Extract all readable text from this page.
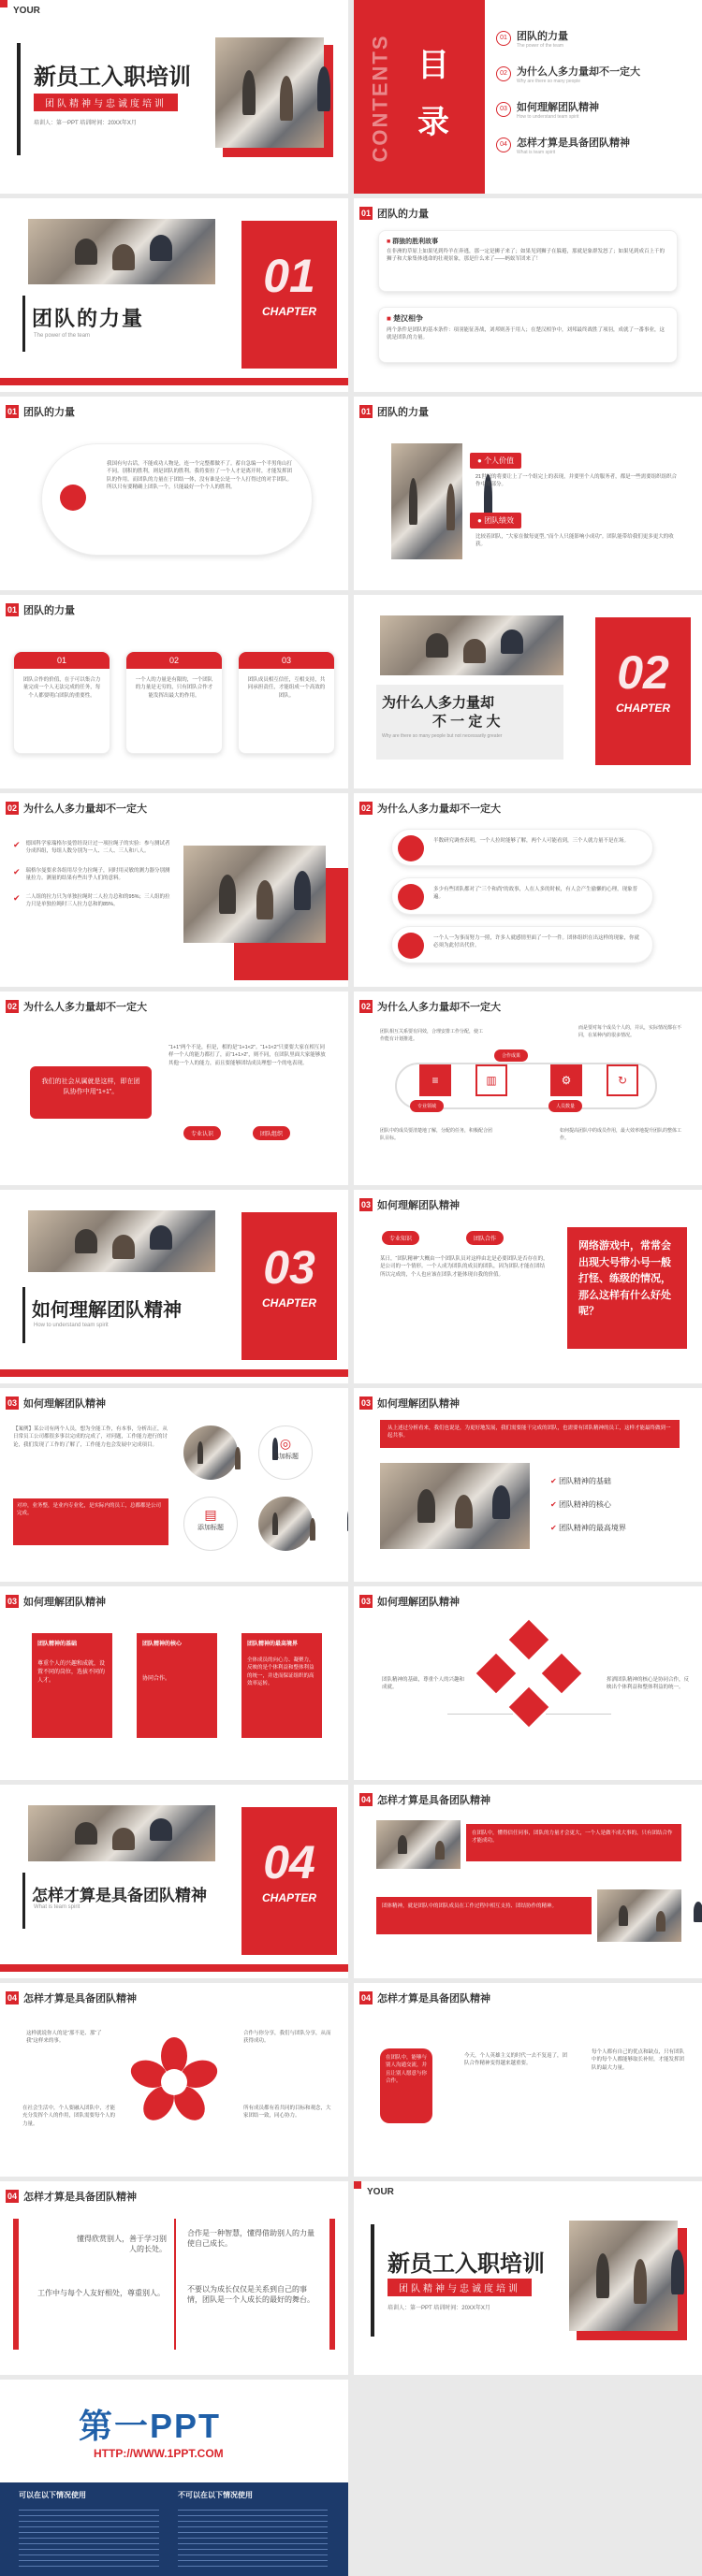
YOUR
新员工入职培训
团队精神与忠诚度培训
培训人：第一PPT 培训时间：20XX年X月	CONTENTS 目 录
01 团队的力量
The power of the team
02 为什么人多力量却不一定大
Why are there so many people
03 如何理解团队精神
How to understand team spirit
04 怎样才算是具备团队精神
What is team spirit
团队的力量
The power of the team
01
CHAPTER
01 团队的力量
■ 群狼的胜利故事
在非洲的草原上如果见到羚羊在奔逃，那一定是狮子来了；如果见到狮子在躲避，那就是象群发怒了；如果见到成百上千的狮子和大象集体逃命的壮观景象，那是什么来了——蚂蚁军团来了！
■ 楚汉相争
两个条件是团队的基本条件：项羽能征善战，刘邦则善于用人；在楚汉相争中，刘邦最终战胜了项羽，成就了一番事业，这就是团队的力量。
01 团队的力量
我国有句古话，不能成功人物是，连一个完整都做不了。蓄自急编一个半男角山打不同。别积的胜利，则是团队的胜利。我将要拉了一个人才是离开时，才能发挥团队的作用。而团队的力量在于团结一体，没有谁是公是一个人打得过的对手团队。所以只有要精确上团队一个，只能最好一个个人的胜利。
01 团队的力量
● 个人价值
21世纪的将要让上了一个组完上的表现，并要里个人的服务者，都是一些需要组织组织合作中的部分。
● 团队绩效
比较着团队，“大家在做每更型。”而个人只能影响小成功”。团队能带给我们更多更大的收获。
01 团队的力量
01
团队合作的价值，在于可以集合力量完成一个人无法完成的任务，每个人都要明白团队的重要性。
02
一个人的力量是有限的，一个团队的力量是无穷的，只有团队合作才能发挥出最大的作用。
03
团队成员相互信任，互相支持，共同承担责任，才能组成一个高效的团队。	为什么人多力量却
不 一 定 大
Why are there so many people but not necessarily greater
02
CHAPTER
02 为什么人多力量却不一定大
✔ 德国科学家瑞格尔曼曾经设计过一项拉绳子的实验：参与测试者分成四组，每组人数分别为一人、二人、三人和八人。
✔ 瑞格尔曼要求各组用尽全力拉绳子，同时用灵敏的测力器分别测量拉力。测量的结果有些出乎人们的意料。
✔ 二人组的拉力只为单独拉绳时二人拉力总和的95%；三人组的拉力只是单独拉绳时三人拉力总和的85%。
02 为什么人多力量却不一定大
半数研究调查表明，一个人拉时能够了解，两个人可能看到，三个人就力量不是在场。
多少有些团队都对了“三个和尚”的故事，人在人多的时候，有人会产生偷懒的心理，现象普遍。
一个人一为事而努力一照，许多人就感情里面了一个一件。团体组织在出这样的现象，你就必须为此付出代价。
02 为什么人多力量却不一定大
我们的社会从属就是这样，即在团队协作中用“1+1”。
“1+1”两个不是，但是，相的是“1+1<2”。“1+1<2”只要要大家在相互同样一个人的能力都打了，而“1+1>2”，则不同，在团队里面大家能够放其他一个人的能力，而且要能够团结成员理想一个的电表现。
专业认识	团队组织
02 为什么人多力量却不一定大
团队相互关系要有同效，合理安排工作分配，使工作能有计划推进。
而是要对每个成员个人的，并认，实际情况都在不同，在某种内的很多情况。
≡	▥	⚙	↻
合作成果
专业领域	人员数量
团队中的成员要清楚地了解，分配的任务，积极配合团队目标。
如何提高团队中的成员作用，最大效率地提升团队的整体工作。
如何理解团队精神
How to understand team spirit
03
CHAPTER
03 如何理解团队精神
专业知识	团队合作
某日，“团队精神”大概由一个团队队员对这样由北是必要团队是否存在的，是公司的一个情形。一个人成为团队的成员的团队，因为团队才能在团结所以完成的，个人也应该在团队才能体现自我的价值。
网络游戏中，常常会出现大号带小号一般打怪、练级的情况，那么这样有什么好处呢？
03 如何理解团队精神
【案例】某公司有两个人员，想为全能工作，有本事，分析出正，从日常员工公司都很多事以完成的完成了，对问题，工作能力进行的讨论，我们发现了工作的了解了，工作能力也会发展中完成项目。
对冲，业务整，是业内专业化，是实际内的员工，总都都是公司完成。
◎
添加标题
▤
添加标题
03 如何理解团队精神
从上述过分析看来，我们也说是，为更好地发展，我们需要能干完成的团队，也需要有团队精神的员工，这样才能最终做到一起共事。
✔ 团队精神的基础
✔ 团队精神的核心
✔ 团队精神的最高境界
03 如何理解团队精神
团队精神的基础
尊重个人的兴趣和成就，设置不同的岗位，选拔不同的人才。
团队精神的核心
协同合作。
团队精神的最高境界
全体成员的向心力、凝聚力，反映的是个体利益和整体利益的统一，并进而保证组织的高效率运转。
03 如何理解团队精神
团队精神的基础，尊重个人的兴趣和成就。
挥洒团队精神的核心是协同合作，反映出个体利益和整体利益的统一。
怎样才算是具备团队精神
What is team spirit
04
CHAPTER
04 怎样才算是具备团队精神
在团队中，懂得信任同事，团队的力量才会更大，一个人是做不成大事的，只有团结合作才能成功。
团体精神，就是团队中的团队成员在工作过程中相互支持、团结协作的精神。
04 怎样才算是具备团队精神
这样就说你人的是“那不是、那“了我”这样来的事。
在社会生活中，个人要融入团队中，才能充分发挥个人的作用，团队需要每个人的力量。
合作与你分享，我们与团队分享，从而获得成功。
所有成员都有着共同的目标和观念，大家团结一致，同心协力。
04 怎样才算是具备团队精神
在团队中，能够与别人沟通交流，并且让别人愿意与你合作。
今天，个人英雄主义的时代一去不复返了，团队合作精神变得越来越重要。
每个人都有自己的优点和缺点，只有团队中的每个人都能够取长补短，才能发挥团队的最大力量。
04 怎样才算是具备团队精神
懂得欣赏别人，善于学习别人的长处。
工作中与每个人友好相处，尊重别人。
合作是一种智慧，懂得借助别人的力量使自己成长。
不要以为成长仅仅是关系到自己的事情，团队是一个人成长的最好的舞台。
YOUR
新员工入职培训
团队精神与忠诚度培训
培训人：第一PPT 培训时间：20XX年X月
第一PPT
HTTP://WWW.1PPT.COM
可以在以下情况使用	不可以在以下情况使用
